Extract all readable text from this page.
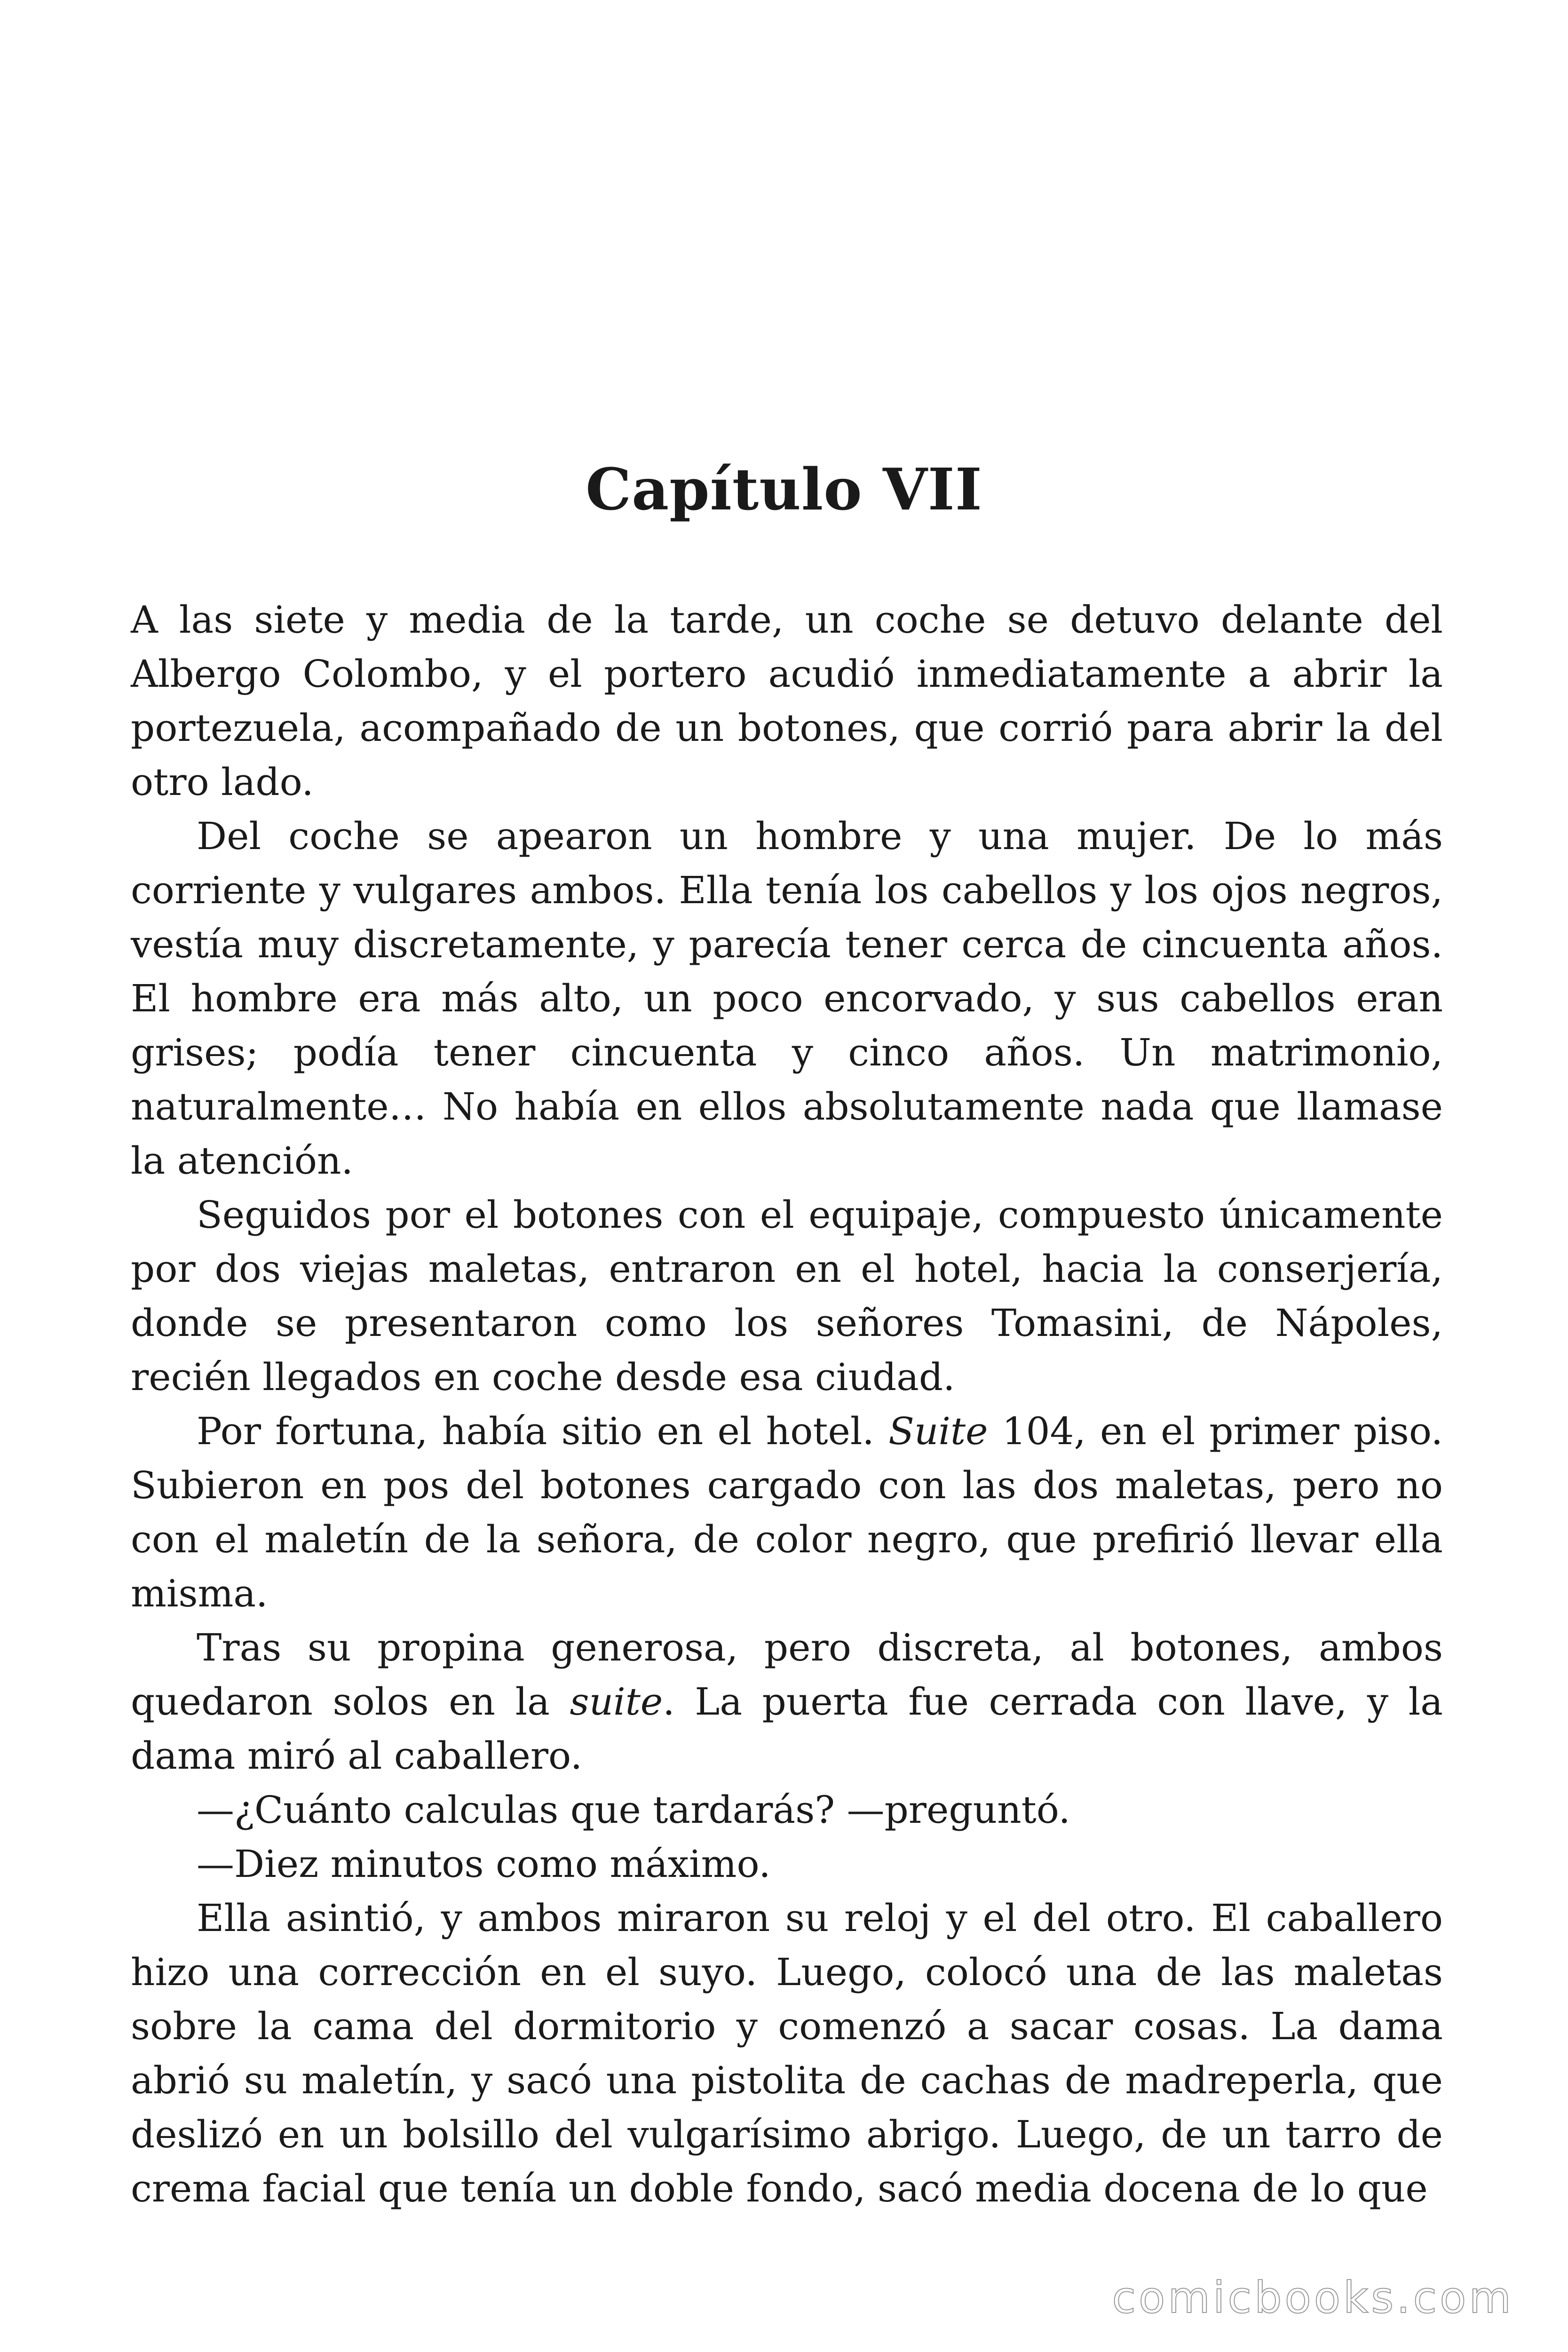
Capítulo VII

A las siete y media de la tarde, un coche se detuvo delante del Albergo Colombo, y el portero acudió inmediatamente a abrir la portezuela, acompañado de un botones, que corrió para abrir la del otro lado.

Del coche se apearon un hombre y una mujer. De lo más corriente y vulgares ambos. Ella tenía los cabellos y los ojos negros, vestía muy discretamente, y parecía tener cerca de cincuenta años. El hombre era más alto, un poco encorvado, y sus cabellos eran grises; podía tener cincuenta y cinco años. Un matrimonio, naturalmente… No había en ellos absolutamente nada que llamase la atención.

Seguidos por el botones con el equipaje, compuesto únicamente por dos viejas maletas, entraron en el hotel, hacia la conserjería, donde se presentaron como los señores Tomasini, de Nápoles, recién llegados en coche desde esa ciudad.

Por fortuna, había sitio en el hotel. Suite 104, en el primer piso. Subieron en pos del botones cargado con las dos maletas, pero no con el maletín de la señora, de color negro, que prefirió llevar ella misma.

Tras su propina generosa, pero discreta, al botones, ambos quedaron solos en la suite. La puerta fue cerrada con llave, y la dama miró al caballero.

—¿Cuánto calculas que tardarás? —preguntó.

—Diez minutos como máximo.

Ella asintió, y ambos miraron su reloj y el del otro. El caballero hizo una corrección en el suyo. Luego, colocó una de las maletas sobre la cama del dormitorio y comenzó a sacar cosas. La dama abrió su maletín, y sacó una pistolita de cachas de madreperla, que deslizó en un bolsillo del vulgarísimo abrigo. Luego, de un tarro de crema facial que tenía un doble fondo, sacó media docena de lo que

comicbooks.com
